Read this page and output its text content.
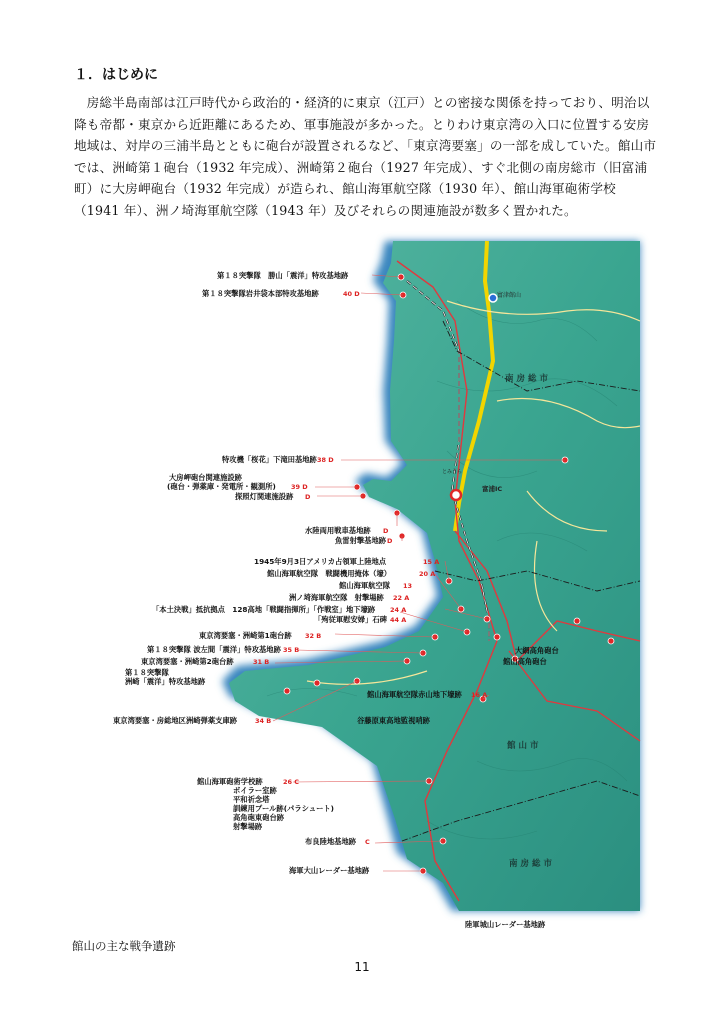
１．はじめに

房総半島南部は江戸時代から政治的・経済的に東京（江戸）との密接な関係を持っており、明治以降も帝都・東京から近距離にあるため、軍事施設が多かった。とりわけ東京湾の入口に位置する安房地域は、対岸の三浦半島とともに砲台が設置されるなど、「東京湾要塞」の一部を成していた。館山市では、洲崎第１砲台（1932 年完成）、洲崎第２砲台（1927 年完成）、すぐ北側の南房総市（旧富浦町）に大房岬砲台（1932 年完成）が造られ、館山海軍航空隊（1930 年）、館山海軍砲術学校（1941 年）、洲ノ埼海軍航空隊（1943 年）及びそれらの関連施設が数多く置かれた。

南房総市
館山市
南房総市
富浦IC
富津館山
とみうら
第１８突撃隊　勝山「震洋」特攻基地跡
第１８突撃隊岩井袋本部特攻基地跡	40 D
特攻機「桜花」下滝田基地跡 38 D
大房岬砲台関連施設跡
(砲台・弾薬庫・発電所・観測所) 39 D
探照灯関連施設跡 D
水陸両用戦車基地跡 D
魚雷射撃基地跡 D
1945年9月3日アメリカ占領軍上陸地点	15 A
館山海軍航空隊　戦闘機用掩体（壕）	20 A
館山海軍航空隊 13
洲ノ埼海軍航空隊　射撃場跡 22 A
「本土決戦」抵抗拠点　128高地「戦闘指揮所」「作戦室」地下壕跡 24 A
「殉従軍慰安婦」石碑 44 A
東京湾要塞・洲崎第1砲台跡 32 B
第１８突撃隊 波左間「震洋」特攻基地跡 35 B
東京湾要塞・洲崎第2砲台跡	31 B
第１８突撃隊
洲崎「震洋」特攻基地跡
館山海軍航空隊赤山地下壕跡 16 A
大網高角砲台
館山高角砲台
東京湾要塞・房総地区洲崎弾薬支庫跡	34 B	谷藤原東高地監視哨跡
館山海軍砲術学校跡	26 C
ボイラー室跡
平和祈念塔
訓練用プール跡(パラシュート)
高角砲東砲台跡
射撃場跡
布良陸地基地跡 C
海軍大山レーダー基地跡
陸軍城山レーダー基地跡
館山の主な戦争遺跡
11
